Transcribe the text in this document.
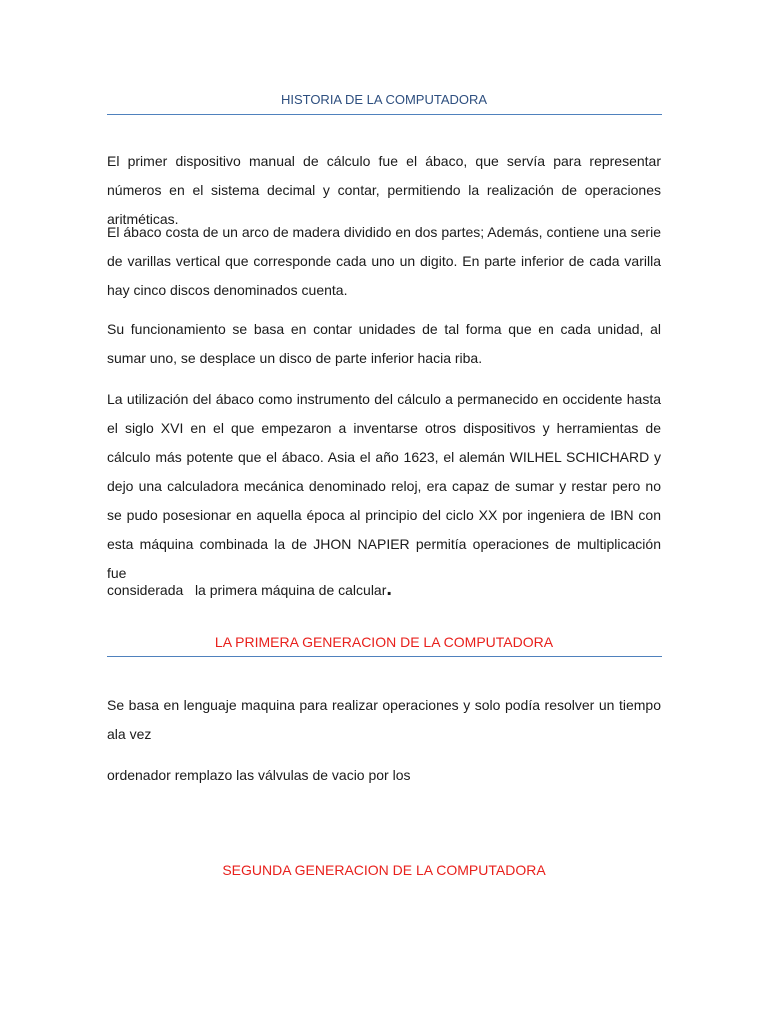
HISTORIA DE LA COMPUTADORA
El primer dispositivo manual de cálculo fue el ábaco, que servía para representar números en el sistema decimal y contar, permitiendo la realización de operaciones aritméticas.
El ábaco costa de un arco de madera dividido en dos partes; Además, contiene una serie de varillas vertical que corresponde cada uno un digito. En parte inferior de cada varilla hay cinco discos denominados cuenta.
Su funcionamiento se basa en contar unidades de tal forma que en cada unidad, al sumar uno, se desplace un disco de parte inferior hacia riba.
La utilización del ábaco como instrumento del cálculo a permanecido en occidente hasta el siglo XVI en el que empezaron a inventarse otros dispositivos y herramientas de cálculo más potente que el ábaco. Asia el año 1623, el alemán WILHEL SCHICHARD y dejo una calculadora mecánica denominado reloj, era capaz de sumar y restar pero no se pudo posesionar en aquella época al principio del ciclo XX por ingeniera de IBN con esta máquina combinada la de JHON NAPIER permitía operaciones de multiplicación fue
considerada   la primera máquina de calcular.
LA PRIMERA GENERACION DE LA COMPUTADORA
Se basa en lenguaje maquina para realizar operaciones y solo podía resolver un tiempo ala vez
ordenador remplazo las válvulas de vacio por los
SEGUNDA GENERACION DE LA COMPUTADORA
